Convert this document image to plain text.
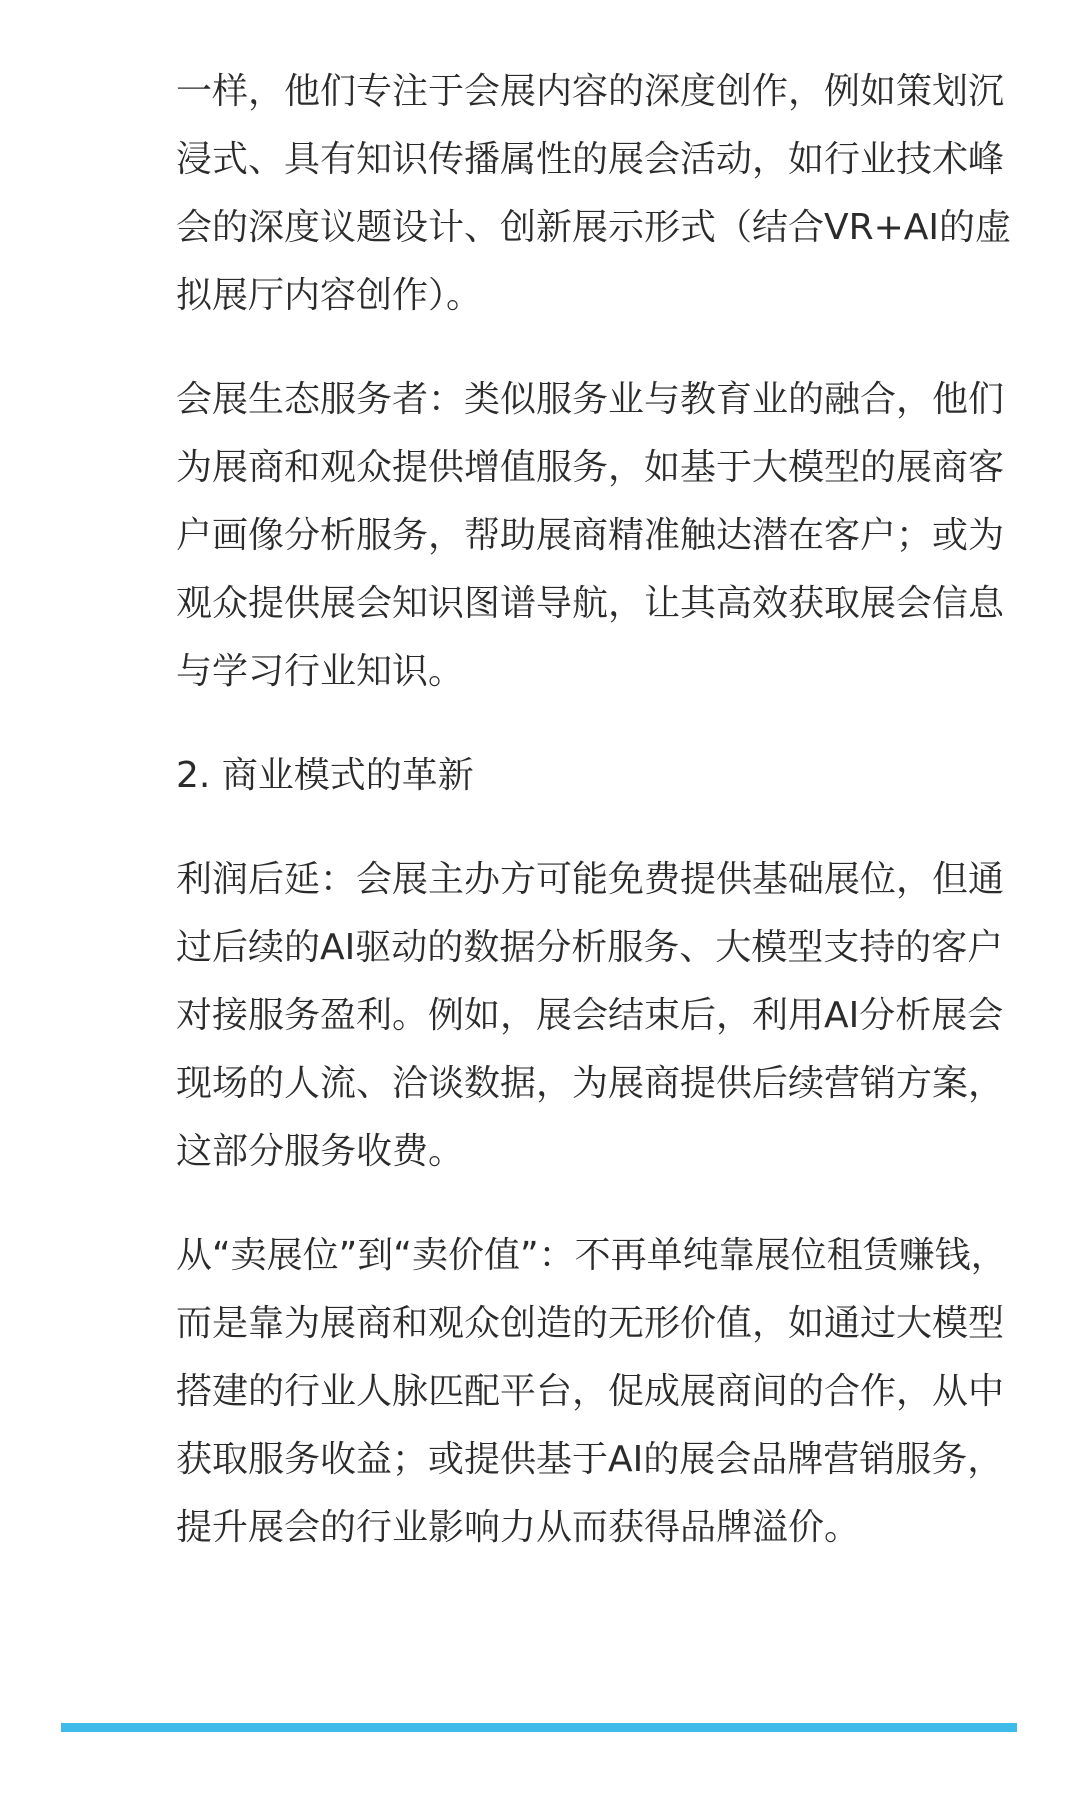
一样，他们专注于会展内容的深度创作，例如策划沉浸式、具有知识传播属性的展会活动，如行业技术峰会的深度议题设计、创新展示形式（结合VR+AI的虚拟展厅内容创作）。

会展生态服务者：类似服务业与教育业的融合，他们为展商和观众提供增值服务，如基于大模型的展商客户画像分析服务，帮助展商精准触达潜在客户；或为观众提供展会知识图谱导航，让其高效获取展会信息与学习行业知识。

2. 商业模式的革新

利润后延：会展主办方可能免费提供基础展位，但通过后续的AI驱动的数据分析服务、大模型支持的客户对接服务盈利。例如，展会结束后，利用AI分析展会现场的人流、洽谈数据，为展商提供后续营销方案，这部分服务收费。

从“卖展位”到“卖价值”：不再单纯靠展位租赁赚钱，而是靠为展商和观众创造的无形价值，如通过大模型搭建的行业人脉匹配平台，促成展商间的合作，从中获取服务收益；或提供基于AI的展会品牌营销服务，提升展会的行业影响力从而获得品牌溢价。
